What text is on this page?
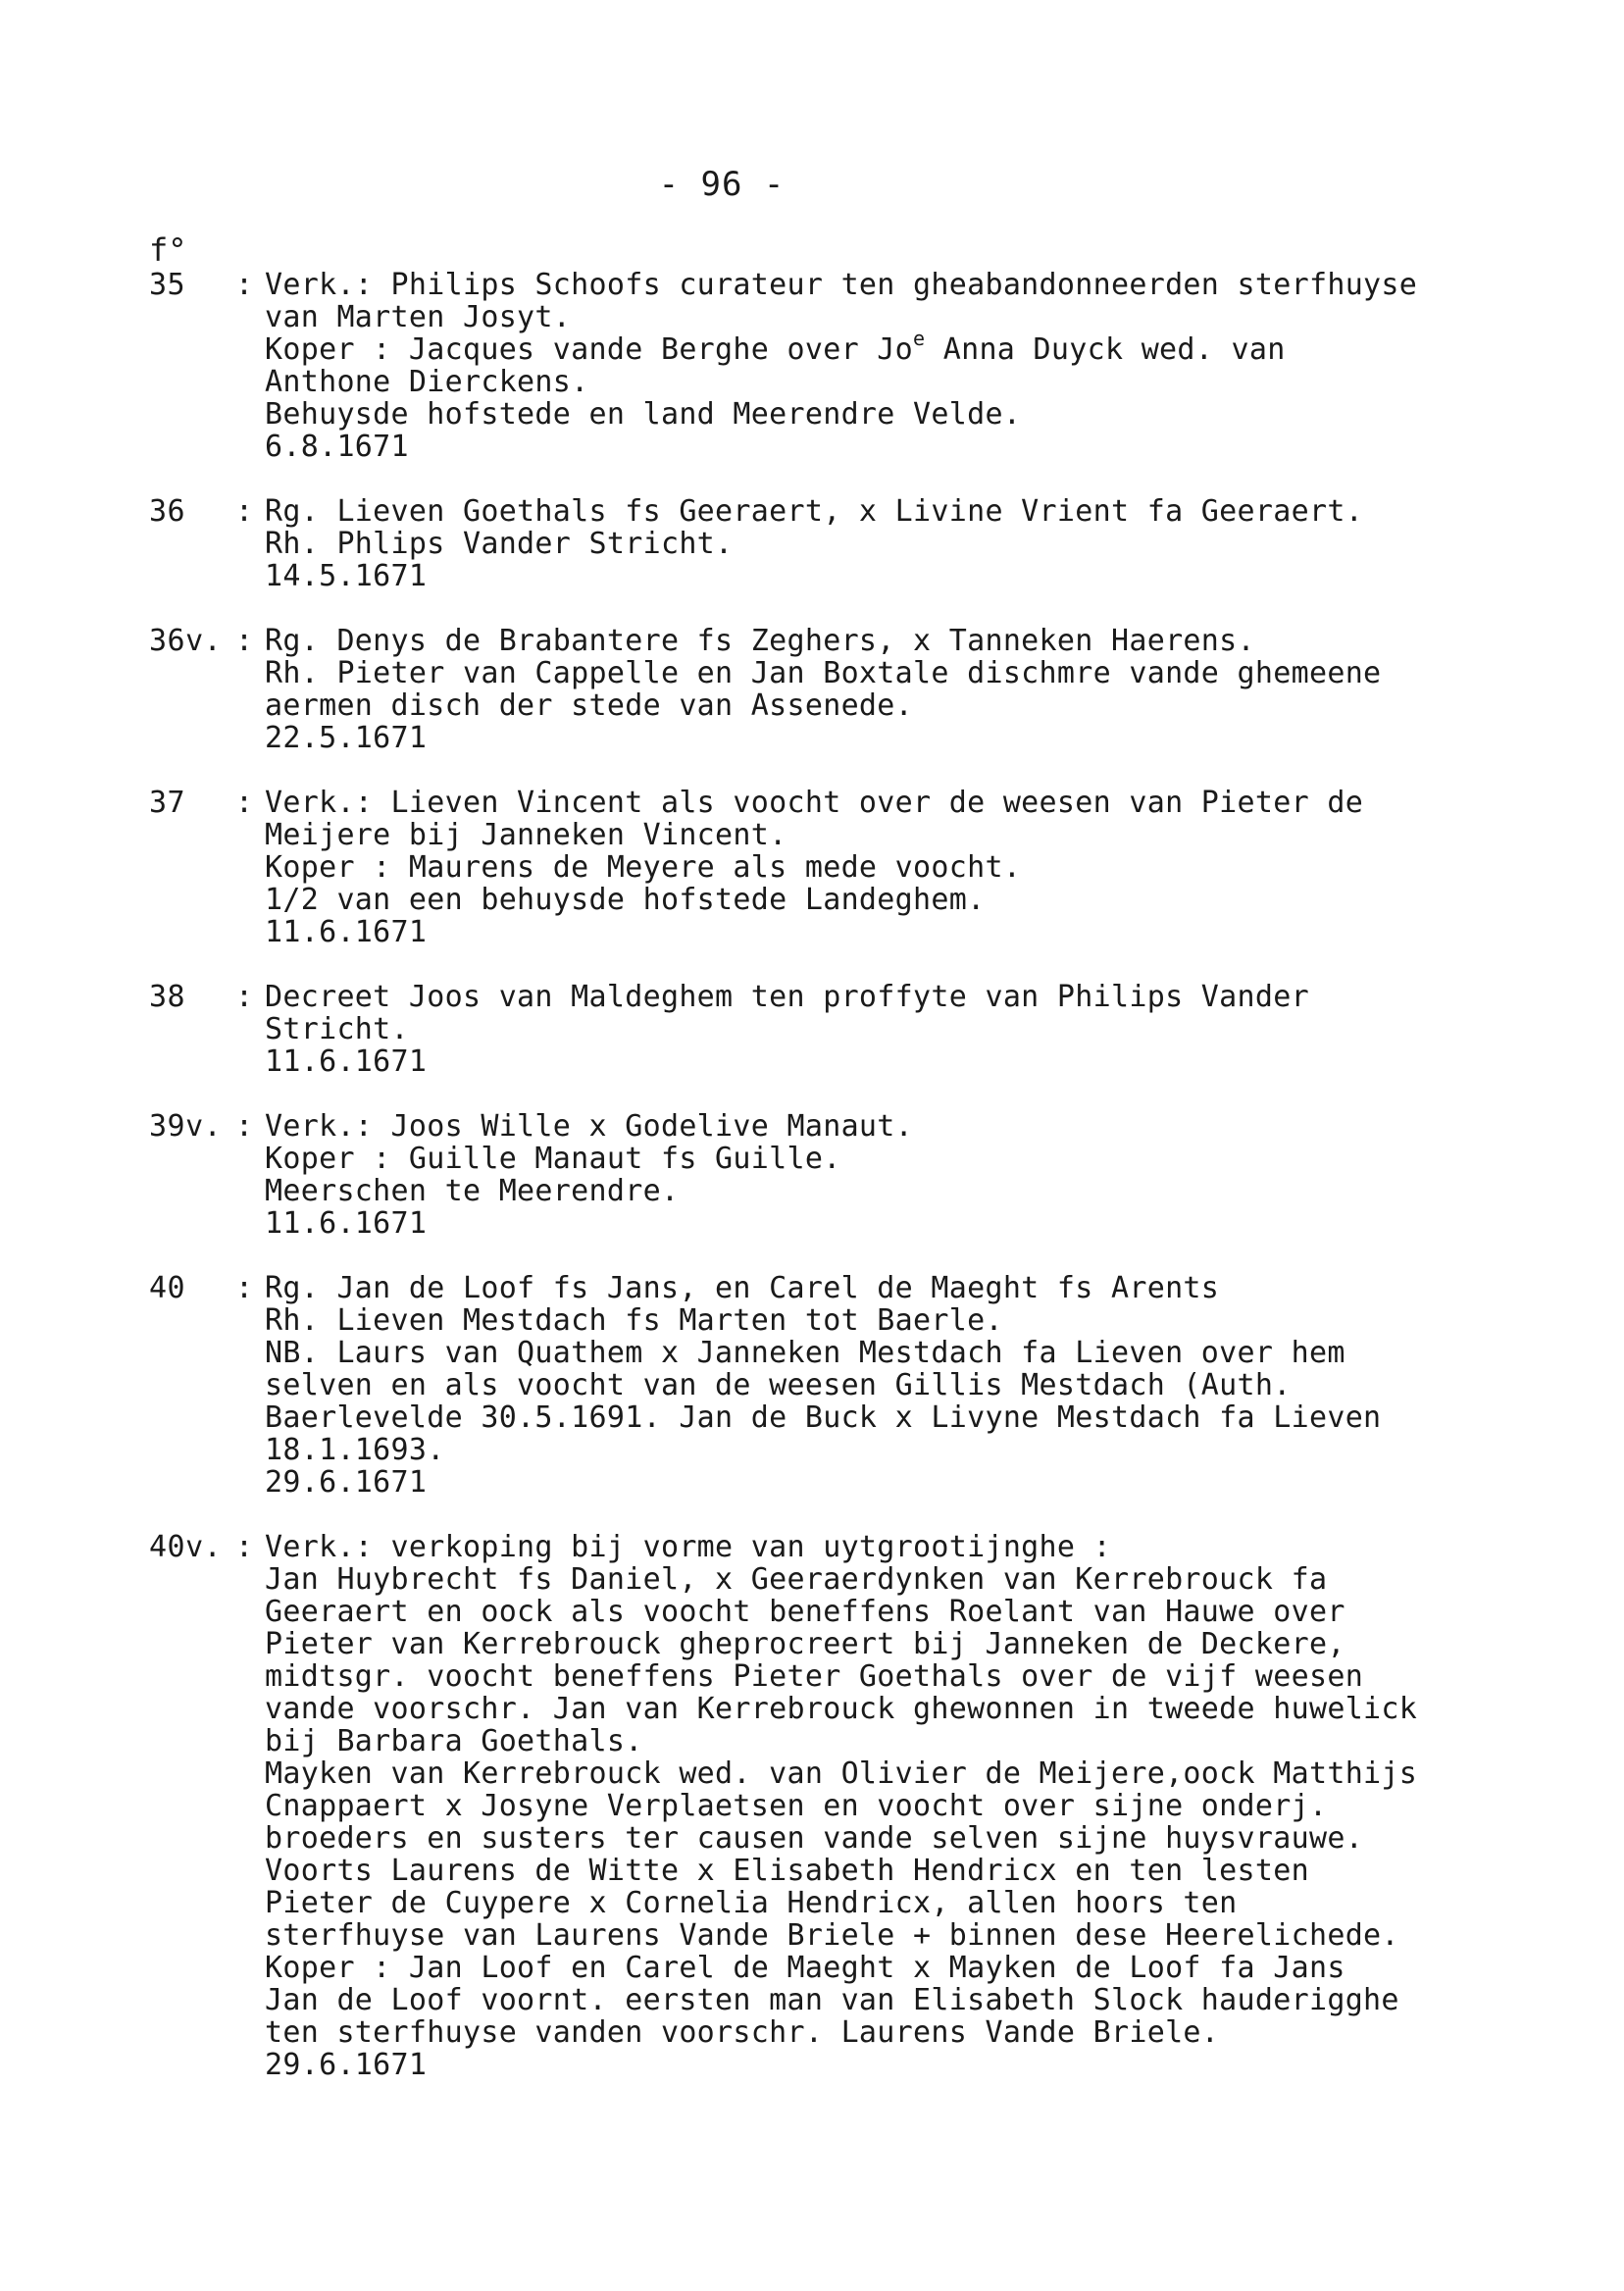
- 96 -
f°
35	: Verk.: Philips Schoofs curateur ten gheabandonneerden sterfhuyse
van Marten Josyt.
Koper : Jacques vande Berghe over Jo$^e$ Anna Duyck wed. van
Anthone Dierckens.
Behuysde hofstede en land Meerendre Velde.
6.8.1671
36	: Rg. Lieven Goethals fs Geeraert, x Livine Vrient fa Geeraert.
Rh. Phlips Vander Stricht.
14.5.1671
36v. : Rg. Denys de Brabantere fs Zeghers, x Tanneken Haerens.
Rh. Pieter van Cappelle en Jan Boxtale dischmre vande ghemeene
aermen disch der stede van Assenede.
22.5.1671
37	: Verk.: Lieven Vincent als voocht over de weesen van Pieter de
Meijere bij Janneken Vincent.
Koper : Maurens de Meyere als mede voocht.
1/2 van een behuysde hofstede Landeghem.
11.6.1671
38	: Decreet Joos van Maldeghem ten proffyte van Philips Vander
Stricht.
11.6.1671
39v. : Verk.: Joos Wille x Godelive Manaut.
Koper : Guille Manaut fs Guille.
Meerschen te Meerendre.
11.6.1671
40	: Rg. Jan de Loof fs Jans, en Carel de Maeght fs Arents
Rh. Lieven Mestdach fs Marten tot Baerle.
NB. Laurs van Quathem x Janneken Mestdach fa Lieven over hem
selven en als voocht van de weesen Gillis Mestdach (Auth.
Baerlevelde 30.5.1691. Jan de Buck x Livyne Mestdach fa Lieven
18.1.1693.
29.6.1671
40v. : Verk.: verkoping bij vorme van uytgrootijnghe :
Jan Huybrecht fs Daniel, x Geeraerdynken van Kerrebrouck fa
Geeraert en oock als voocht beneffens Roelant van Hauwe over
Pieter van Kerrebrouck gheprocreert bij Janneken de Deckere,
midtsgr. voocht beneffens Pieter Goethals over de vijf weesen
vande voorschr. Jan van Kerrebrouck ghewonnen in tweede huwelick
bij Barbara Goethals.
Mayken van Kerrebrouck wed. van Olivier de Meijere,oock Matthijs
Cnappaert x Josyne Verplaetsen en voocht over sijne onderj.
broeders en susters ter causen vande selven sijne huysvrauwe.
Voorts Laurens de Witte x Elisabeth Hendricx en ten lesten
Pieter de Cuypere x Cornelia Hendricx, allen hoors ten
sterfhuyse van Laurens Vande Briele + binnen dese Heerelichede.
Koper : Jan Loof en Carel de Maeght x Mayken de Loof fa Jans
Jan de Loof voornt. eersten man van Elisabeth Slock hauderigghe
ten sterfhuyse vanden voorschr. Laurens Vande Briele.
29.6.1671
